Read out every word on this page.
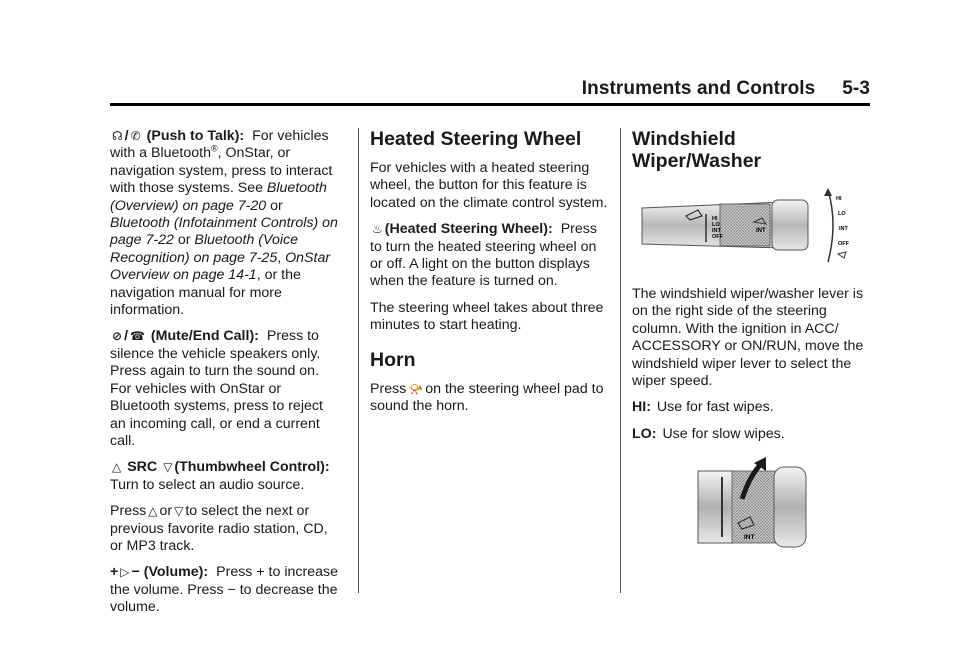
Instruments and Controls     5-3

☊ / ✆ (Push to Talk): For vehicles with a Bluetooth®, OnStar, or navigation system, press to interact with those systems. See Bluetooth (Overview) on page 7-20 or Bluetooth (Infotainment Controls) on page 7-22 or Bluetooth (Voice Recognition) on page 7-25, OnStar Overview on page 14-1, or the navigation manual for more information.

⊘ / ☎ (Mute/End Call): Press to silence the vehicle speakers only. Press again to turn the sound on. For vehicles with OnStar or Bluetooth systems, press to reject an incoming call, or end a current call.

△ SRC ▽ (Thumbwheel Control): Turn to select an audio source.

Press △ or ▽ to select the next or previous favorite radio station, CD, or MP3 track.

+ ▷ − (Volume): Press + to increase the volume. Press − to decrease the volume.

Heated Steering Wheel

For vehicles with a heated steering wheel, the button for this feature is located on the climate control system.

♨ (Heated Steering Wheel): Press to turn the heated steering wheel on or off. A light on the button displays when the feature is turned on.

The steering wheel takes about three minutes to start heating.

Horn

Press 📯 on the steering wheel pad to sound the horn.

Windshield Wiper/Washer
HI
LO
INT
OFF
INT
HI
LO
INT
OFF

The windshield wiper/washer lever is on the right side of the steering column. With the ignition in ACC/ ACCESSORY or ON/RUN, move the windshield wiper lever to select the wiper speed.

HI: Use for fast wipes.

LO: Use for slow wipes.

INT
